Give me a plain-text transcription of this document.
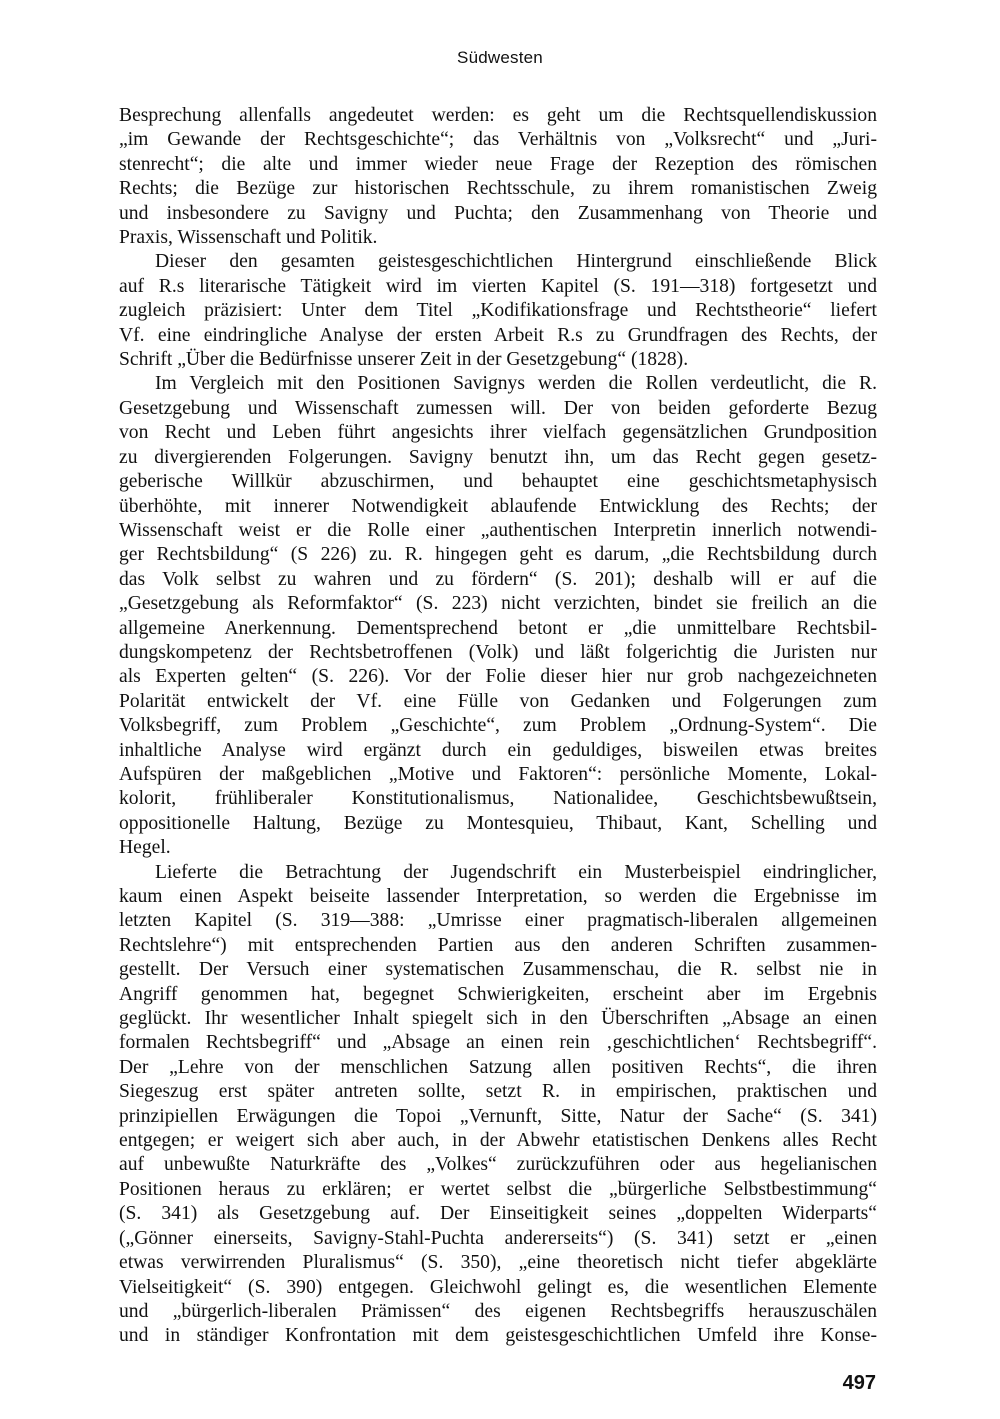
Südwesten
Besprechung allenfalls angedeutet werden: es geht um die Rechtsquellendiskussion
„im Gewande der Rechtsgeschichte“; das Verhältnis von „Volksrecht“ und „Juri-
stenrecht“; die alte und immer wieder neue Frage der Rezeption des römischen
Rechts; die Bezüge zur historischen Rechtsschule, zu ihrem romanistischen Zweig
und insbesondere zu Savigny und Puchta; den Zusammenhang von Theorie und
Praxis, Wissenschaft und Politik.
Dieser den gesamten geistesgeschichtlichen Hintergrund einschließende Blick
auf R.s literarische Tätigkeit wird im vierten Kapitel (S. 191—318) fortgesetzt und
zugleich präzisiert: Unter dem Titel „Kodifikationsfrage und Rechtstheorie“ liefert
Vf. eine eindringliche Analyse der ersten Arbeit R.s zu Grundfragen des Rechts, der
Schrift „Über die Bedürfnisse unserer Zeit in der Gesetzgebung“ (1828).
Im Vergleich mit den Positionen Savignys werden die Rollen verdeutlicht, die R.
Gesetzgebung und Wissenschaft zumessen will. Der von beiden geforderte Bezug
von Recht und Leben führt angesichts ihrer vielfach gegensätzlichen Grundposition
zu divergierenden Folgerungen. Savigny benutzt ihn, um das Recht gegen gesetz-
geberische Willkür abzuschirmen, und behauptet eine geschichtsmetaphysisch
überhöhte, mit innerer Notwendigkeit ablaufende Entwicklung des Rechts; der
Wissenschaft weist er die Rolle einer „authentischen Interpretin innerlich notwendi-
ger Rechtsbildung“ (S 226) zu. R. hingegen geht es darum, „die Rechtsbildung durch
das Volk selbst zu wahren und zu fördern“ (S. 201); deshalb will er auf die
„Gesetzgebung als Reformfaktor“ (S. 223) nicht verzichten, bindet sie freilich an die
allgemeine Anerkennung. Dementsprechend betont er „die unmittelbare Rechtsbil-
dungskompetenz der Rechtsbetroffenen (Volk) und läßt folgerichtig die Juristen nur
als Experten gelten“ (S. 226). Vor der Folie dieser hier nur grob nachgezeichneten
Polarität entwickelt der Vf. eine Fülle von Gedanken und Folgerungen zum
Volksbegriff, zum Problem „Geschichte“, zum Problem „Ordnung-System“. Die
inhaltliche Analyse wird ergänzt durch ein geduldiges, bisweilen etwas breites
Aufspüren der maßgeblichen „Motive und Faktoren“: persönliche Momente, Lokal-
kolorit, frühliberaler Konstitutionalismus, Nationalidee, Geschichtsbewußtsein,
oppositionelle Haltung, Bezüge zu Montesquieu, Thibaut, Kant, Schelling und
Hegel.
Lieferte die Betrachtung der Jugendschrift ein Musterbeispiel eindringlicher,
kaum einen Aspekt beiseite lassender Interpretation, so werden die Ergebnisse im
letzten Kapitel (S. 319—388: „Umrisse einer pragmatisch-liberalen allgemeinen
Rechtslehre“) mit entsprechenden Partien aus den anderen Schriften zusammen-
gestellt. Der Versuch einer systematischen Zusammenschau, die R. selbst nie in
Angriff genommen hat, begegnet Schwierigkeiten, erscheint aber im Ergebnis
geglückt. Ihr wesentlicher Inhalt spiegelt sich in den Überschriften „Absage an einen
formalen Rechtsbegriff“ und „Absage an einen rein ‚geschichtlichen‘ Rechtsbegriff“.
Der „Lehre von der menschlichen Satzung allen positiven Rechts“, die ihren
Siegeszug erst später antreten sollte, setzt R. in empirischen, praktischen und
prinzipiellen Erwägungen die Topoi „Vernunft, Sitte, Natur der Sache“ (S. 341)
entgegen; er weigert sich aber auch, in der Abwehr etatistischen Denkens alles Recht
auf unbewußte Naturkräfte des „Volkes“ zurückzuführen oder aus hegelianischen
Positionen heraus zu erklären; er wertet selbst die „bürgerliche Selbstbestimmung“
(S. 341) als Gesetzgebung auf. Der Einseitigkeit seines „doppelten Widerparts“
(„Gönner einerseits, Savigny-Stahl-Puchta andererseits“) (S. 341) setzt er „einen
etwas verwirrenden Pluralismus“ (S. 350), „eine theoretisch nicht tiefer abgeklärte
Vielseitigkeit“ (S. 390) entgegen. Gleichwohl gelingt es, die wesentlichen Elemente
und „bürgerlich-liberalen Prämissen“ des eigenen Rechtsbegriffs herauszuschälen
und in ständiger Konfrontation mit dem geistesgeschichtlichen Umfeld ihre Konse-
497
